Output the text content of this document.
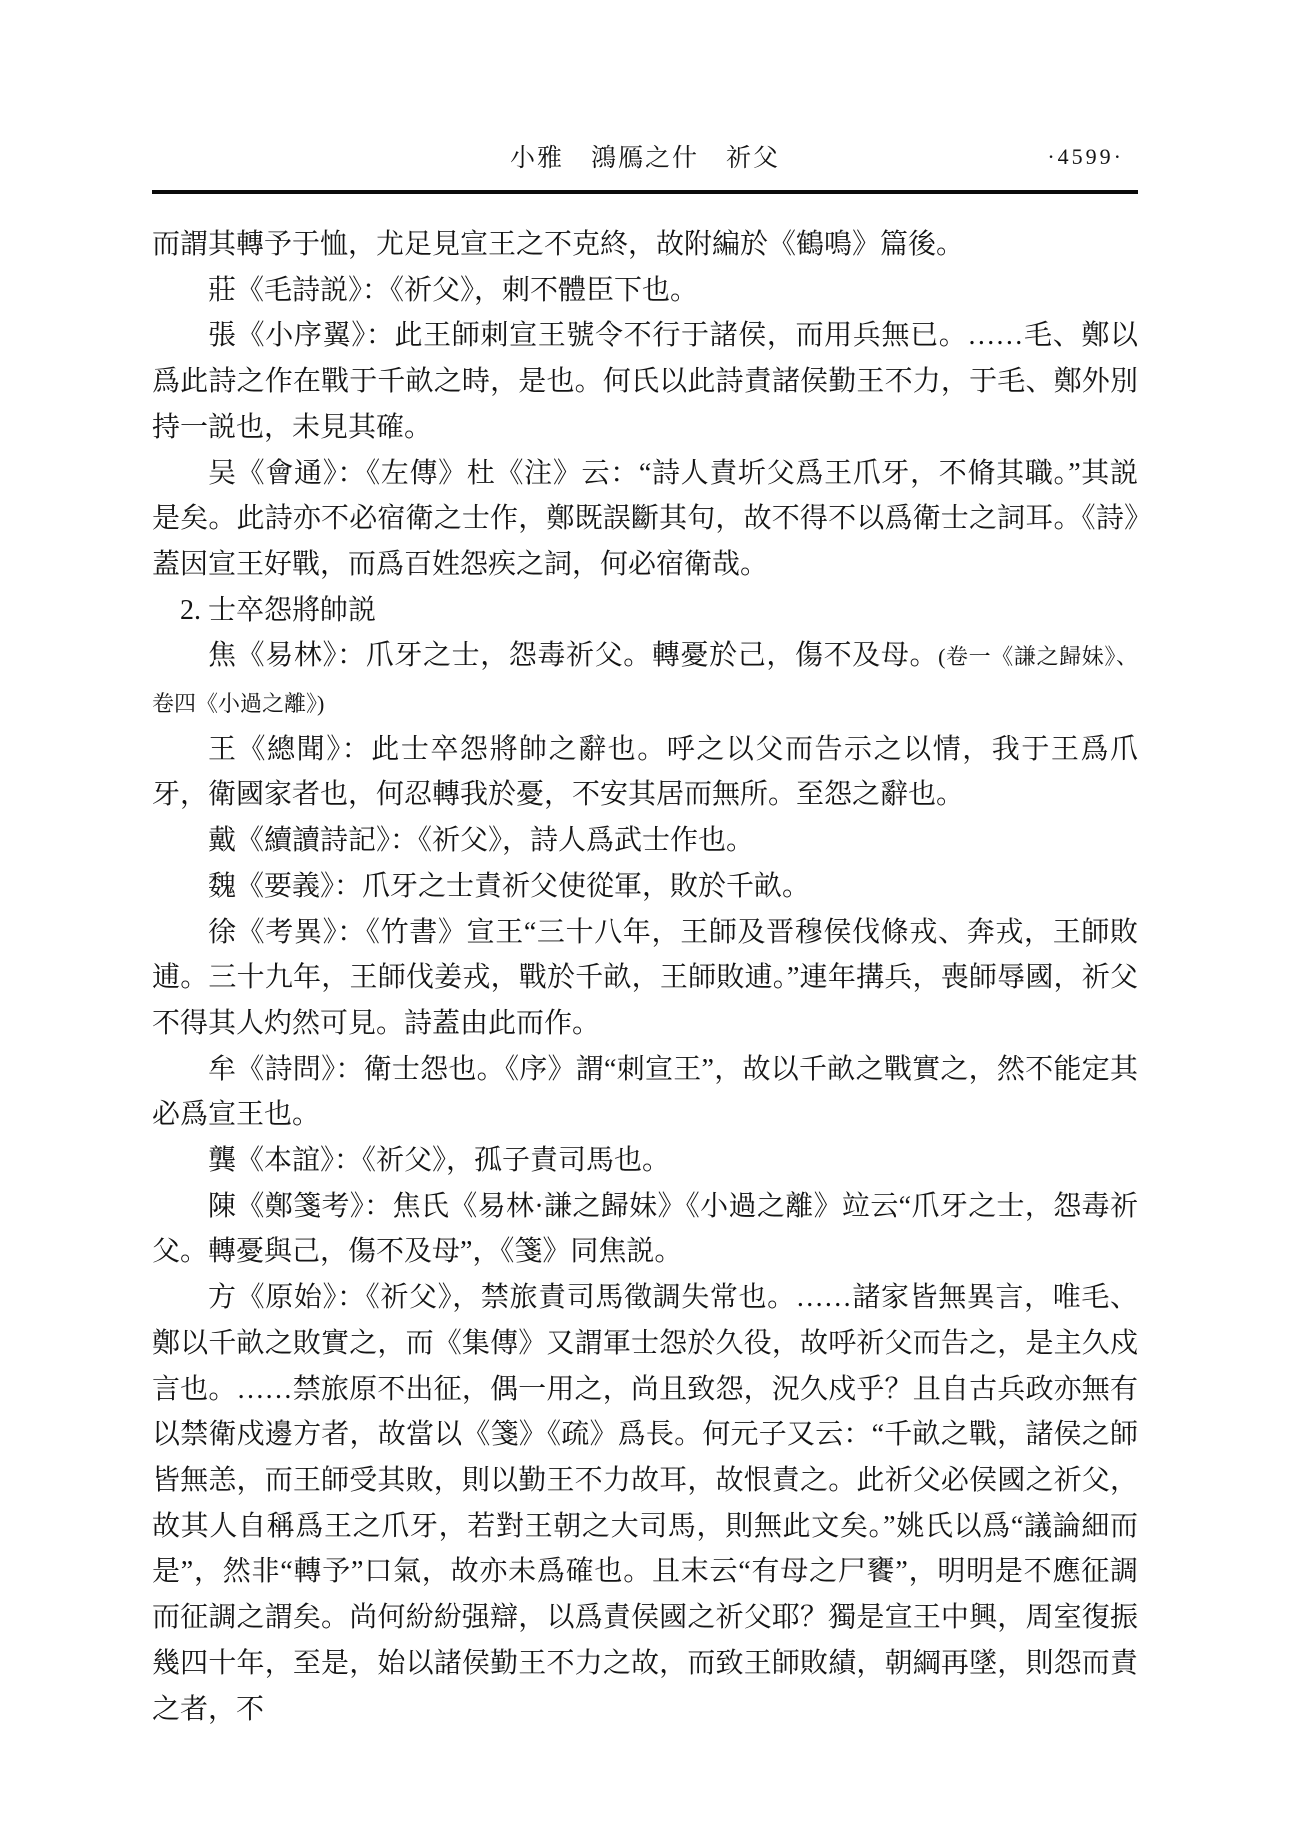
小雅　鴻鴈之什　祈父	·4599·

而謂其轉予于恤，尤足見宣王之不克終，故附編於《鶴鳴》篇後。

莊《毛詩説》：《祈父》，刺不體臣下也。

張《小序翼》：此王師刺宣王號令不行于諸侯，而用兵無已。……毛、鄭以爲此詩之作在戰于千畝之時，是也。何氏以此詩責諸侯勤王不力，于毛、鄭外別持一説也，未見其確。

吴《會通》：《左傳》杜《注》云：“詩人責圻父爲王爪牙，不脩其職。”其説是矣。此詩亦不必宿衛之士作，鄭既誤斷其句，故不得不以爲衛士之詞耳。《詩》蓋因宣王好戰，而爲百姓怨疾之詞，何必宿衛哉。

2. 士卒怨將帥説

焦《易林》：爪牙之士，怨毒祈父。轉憂於己，傷不及母。(卷一《謙之歸妹》、卷四《小過之離》)

王《總聞》：此士卒怨將帥之辭也。呼之以父而告示之以情，我于王爲爪牙，衛國家者也，何忍轉我於憂，不安其居而無所。至怨之辭也。

戴《續讀詩記》：《祈父》，詩人爲武士作也。

魏《要義》：爪牙之士責祈父使從軍，敗於千畝。

徐《考異》：《竹書》宣王“三十八年，王師及晋穆侯伐條戎、奔戎，王師敗逋。三十九年，王師伐姜戎，戰於千畝，王師敗逋。”連年搆兵，喪師辱國，祈父不得其人灼然可見。詩蓋由此而作。

牟《詩問》：衛士怨也。《序》謂“刺宣王”，故以千畝之戰實之，然不能定其必爲宣王也。

龔《本誼》：《祈父》，孤子責司馬也。

陳《鄭箋考》：焦氏《易林·謙之歸妹》《小過之離》竝云“爪牙之士，怨毒祈父。轉憂與己，傷不及母”，《箋》同焦説。

方《原始》：《祈父》，禁旅責司馬徵調失常也。……諸家皆無異言，唯毛、鄭以千畝之敗實之，而《集傳》又謂軍士怨於久役，故呼祈父而告之，是主久戍言也。……禁旅原不出征，偶一用之，尚且致怨，況久戍乎？且自古兵政亦無有以禁衛戍邊方者，故當以《箋》《疏》爲長。何元子又云：“千畝之戰，諸侯之師皆無恙，而王師受其敗，則以勤王不力故耳，故恨責之。此祈父必侯國之祈父，故其人自稱爲王之爪牙，若對王朝之大司馬，則無此文矣。”姚氏以爲“議論細而是”，然非“轉予”口氣，故亦未爲確也。且末云“有母之尸饔”，明明是不應征調而征調之謂矣。尚何紛紛强辯，以爲責侯國之祈父耶？獨是宣王中興，周室復振幾四十年，至是，始以諸侯勤王不力之故，而致王師敗績，朝綱再墜，則怨而責之者，不
